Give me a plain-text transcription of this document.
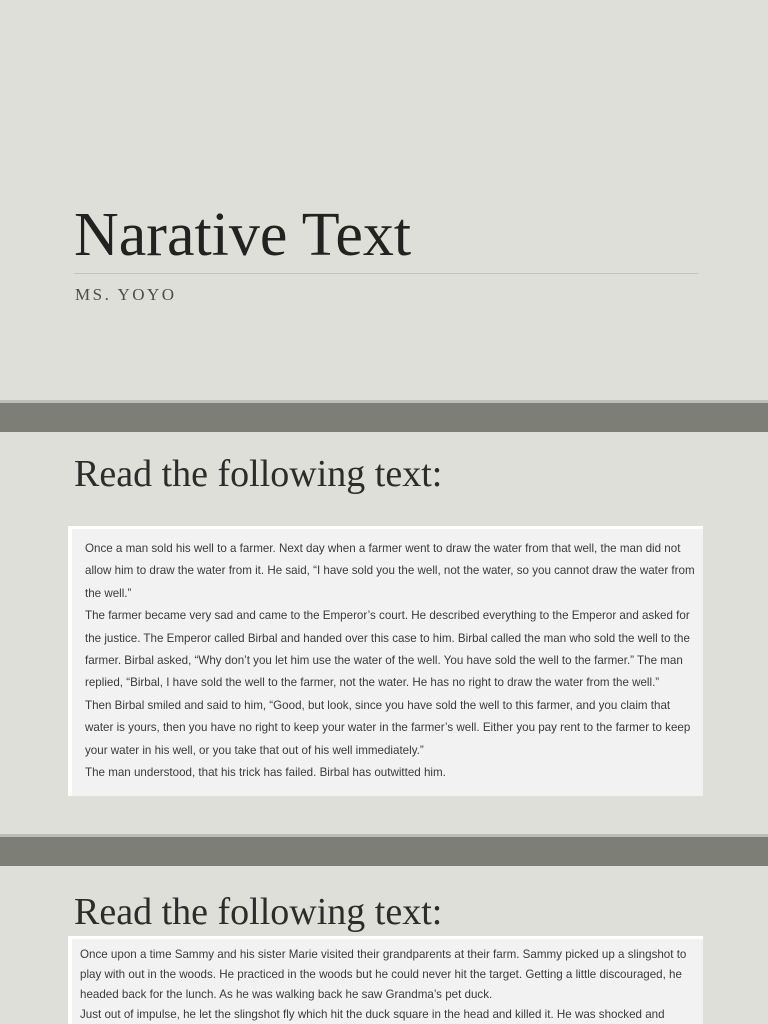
Narative Text
MS. YOYO
Read the following text:

Once a man sold his well to a farmer. Next day when a farmer went to draw the water from that well, the man did not allow him to draw the water from it. He said, “I have sold you the well, not the water, so you cannot draw the water from the well.”

The farmer became very sad and came to the Emperor’s court. He described everything to the Emperor and asked for the justice. The Emperor called Birbal and handed over this case to him. Birbal called the man who sold the well to the farmer. Birbal asked, “Why don’t you let him use the water of the well. You have sold the well to the farmer.” The man replied, “Birbal, I have sold the well to the farmer, not the water. He has no right to draw the water from the well.”

Then Birbal smiled and said to him, “Good, but look, since you have sold the well to this farmer, and you claim that water is yours, then you have no right to keep your water in the farmer’s well. Either you pay rent to the farmer to keep your water in his well, or you take that out of his well immediately.”

The man understood, that his trick has failed. Birbal has outwitted him.

Read the following text:

Once upon a time Sammy and his sister Marie visited their grandparents at their farm. Sammy picked up a slingshot to play with out in the woods. He practiced in the woods but he could never hit the target. Getting a little discouraged, he headed back for the lunch. As he was walking back he saw Grandma’s pet duck.

Just out of impulse, he let the slingshot fly which hit the duck square in the head and killed it. He was shocked and
